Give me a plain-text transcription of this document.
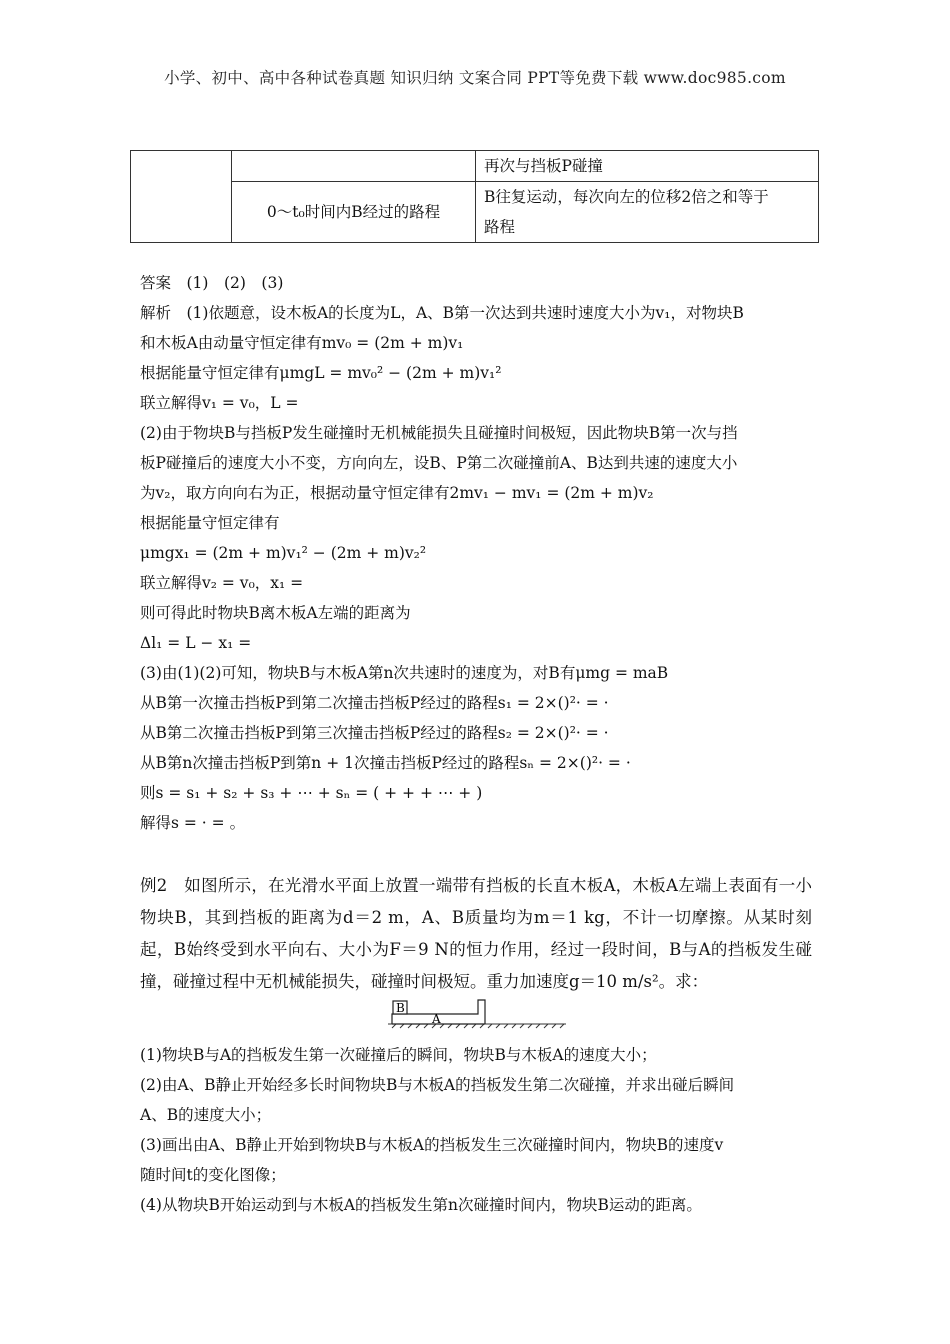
小学、初中、高中各种试卷真题 知识归纳 文案合同 PPT等免费下载 www.doc985.com
		再次与挡板P碰撞
	0～t₀时间内B经过的路程	B往复运动，每次向左的位移2倍之和等于
路程
答案　(1)　(2)　(3)
解析　(1)依题意，设木板A的长度为L，A、B第一次达到共速时速度大小为v₁，对物块B
和木板A由动量守恒定律有mv₀ = (2m + m)v₁
根据能量守恒定律有μmgL = mv₀² − (2m + m)v₁²
联立解得v₁ = v₀，L =
(2)由于物块B与挡板P发生碰撞时无机械能损失且碰撞时间极短，因此物块B第一次与挡
板P碰撞后的速度大小不变，方向向左，设B、P第二次碰撞前A、B达到共速的速度大小
为v₂，取方向向右为正，根据动量守恒定律有2mv₁ − mv₁ = (2m + m)v₂
根据能量守恒定律有
μmgx₁ = (2m + m)v₁² − (2m + m)v₂²
联立解得v₂ = v₀，x₁ =
则可得此时物块B离木板A左端的距离为
Δl₁ = L − x₁ =
(3)由(1)(2)可知，物块B与木板A第n次共速时的速度为，对B有μmg = maB
从B第一次撞击挡板P到第二次撞击挡板P经过的路程s₁ = 2×()²· = ·
从B第二次撞击挡板P到第三次撞击挡板P经过的路程s₂ = 2×()²· = ·
从B第n次撞击挡板P到第n + 1次撞击挡板P经过的路程sₙ = 2×()²· = ·
则s = s₁ + s₂ + s₃ + ⋯ + sₙ = ( + + + ⋯ + )
解得s = · = 。
例2　如图所示，在光滑水平面上放置一端带有挡板的长直木板A，木板A左端上表面有一小物块B，其到挡板的距离为d＝2 m，A、B质量均为m＝1 kg，不计一切摩擦。从某时刻起，B始终受到水平向右、大小为F＝9 N的恒力作用，经过一段时间，B与A的挡板发生碰撞，碰撞过程中无机械能损失，碰撞时间极短。重力加速度g＝10 m/s²。求：
B
A
(1)物块B与A的挡板发生第一次碰撞后的瞬间，物块B与木板A的速度大小；
(2)由A、B静止开始经多长时间物块B与木板A的挡板发生第二次碰撞，并求出碰后瞬间
A、B的速度大小；
(3)画出由A、B静止开始到物块B与木板A的挡板发生三次碰撞时间内，物块B的速度v
随时间t的变化图像；
(4)从物块B开始运动到与木板A的挡板发生第n次碰撞时间内，物块B运动的距离。
